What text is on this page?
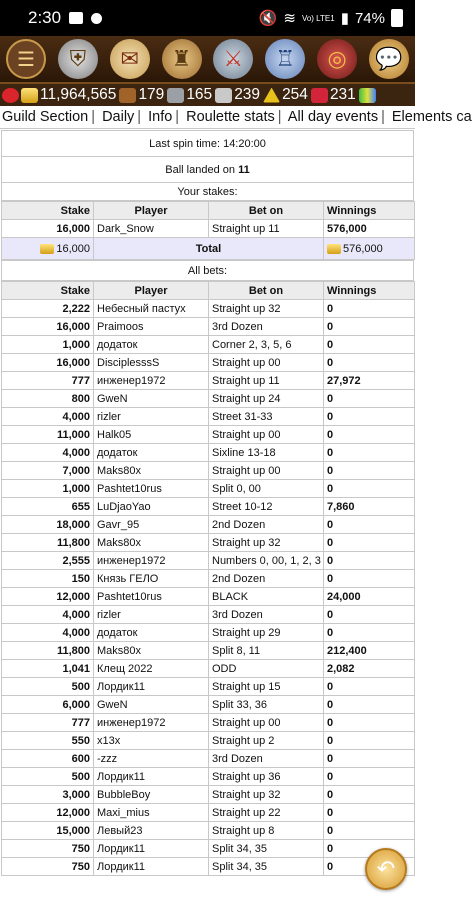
2:30	🔇 ≋ Vo) LTE1 ▮ 74%
☰	⛨	✉	♜	⚔	♖	◎	💬
11,964,565 179 165 239 254 231
Guild Section | Daily | Info | Roulette stats | All day events | Elements ca
Last spin time: 14:20:00
Ball landed on 11
Your stakes:
Stake	Player	Bet on	Winnings
16,000	Dark_Snow	Straight up 11	576,000
16,000	Total		576,000
All bets:
Stake	Player	Bet on	Winnings
2,222	Небесный пастух	Straight up 32	0
16,000	Praimoos	3rd Dozen	0
1,000	додаток	Corner 2, 3, 5, 6	0
16,000	DisciplesssS	Straight up 00	0
777	инженер1972	Straight up 11	27,972
800	GweN	Straight up 24	0
4,000	rizler	Street 31-33	0
11,000	Halk05	Straight up 00	0
4,000	додаток	Sixline 13-18	0
7,000	Maks80x	Straight up 00	0
1,000	Pashtet10rus	Split 0, 00	0
655	LuDjaoYao	Street 10-12	7,860
18,000	Gavr_95	2nd Dozen	0
11,800	Maks80x	Straight up 32	0
2,555	инженер1972	Numbers 0, 00, 1, 2, 3	0
150	Князь ГЕЛО	2nd Dozen	0
12,000	Pashtet10rus	BLACK	24,000
4,000	rizler	3rd Dozen	0
4,000	додаток	Straight up 29	0
11,800	Maks80x	Split 8, 11	212,400
1,041	Клещ 2022	ODD	2,082
500	Лордик11	Straight up 15	0
6,000	GweN	Split 33, 36	0
777	инженер1972	Straight up 00	0
550	x13x	Straight up 2	0
600	-zzz	3rd Dozen	0
500	Лордик11	Straight up 36	0
3,000	BubbleBoy	Straight up 32	0
12,000	Maxi_mius	Straight up 22	0
15,000	Левый23	Straight up 8	0
750	Лордик11	Split 34, 35	0
750	Лордик11	Split 34, 35	0 ↶
